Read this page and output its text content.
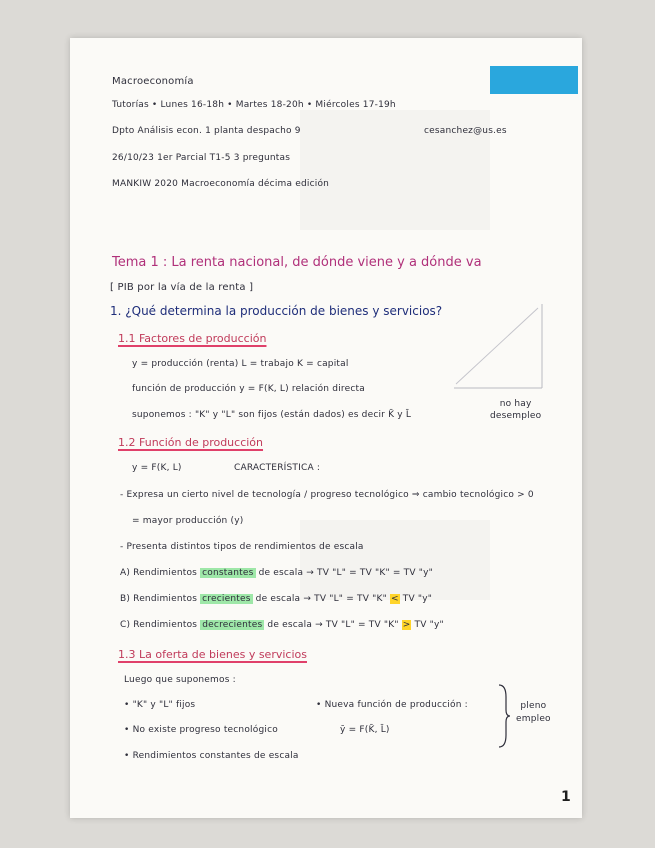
Macroeconomía
Tutorías • Lunes 16-18h • Martes 18-20h • Miércoles 17-19h
Dpto Análisis econ. 1 planta despacho 9	cesanchez@us.es
26/10/23 1er Parcial T1-5 3 preguntas
MANKIW 2020 Macroeconomía décima edición
Tema 1 : La renta nacional, de dónde viene y a dónde va
[ PIB por la vía de la renta ]
1. ¿Qué determina la producción de bienes y servicios?
1.1 Factores de producción
y = producción (renta) L = trabajo K = capital
función de producción y = F(K, L) relación directa
suponemos : "K" y "L" son fijos (están dados) es decir K̄ y L̄
no hay
desempleo
1.2 Función de producción
y = F(K, L)	CARACTERÍSTICA :
- Expresa un cierto nivel de tecnología / progreso tecnológico ⇒ cambio tecnológico > 0
= mayor producción (y)
- Presenta distintos tipos de rendimientos de escala
A) Rendimientos constantes de escala → TV "L" = TV "K" = TV "y"
B) Rendimientos crecientes de escala → TV "L" = TV "K" < TV "y"
C) Rendimientos decrecientes de escala → TV "L" = TV "K" > TV "y"
1.3 La oferta de bienes y servicios
Luego que suponemos :
• "K" y "L" fijos
• No existe progreso tecnológico
• Rendimientos constantes de escala
• Nueva función de producción :
ȳ = F(K̄, L̄)
pleno
empleo
1
